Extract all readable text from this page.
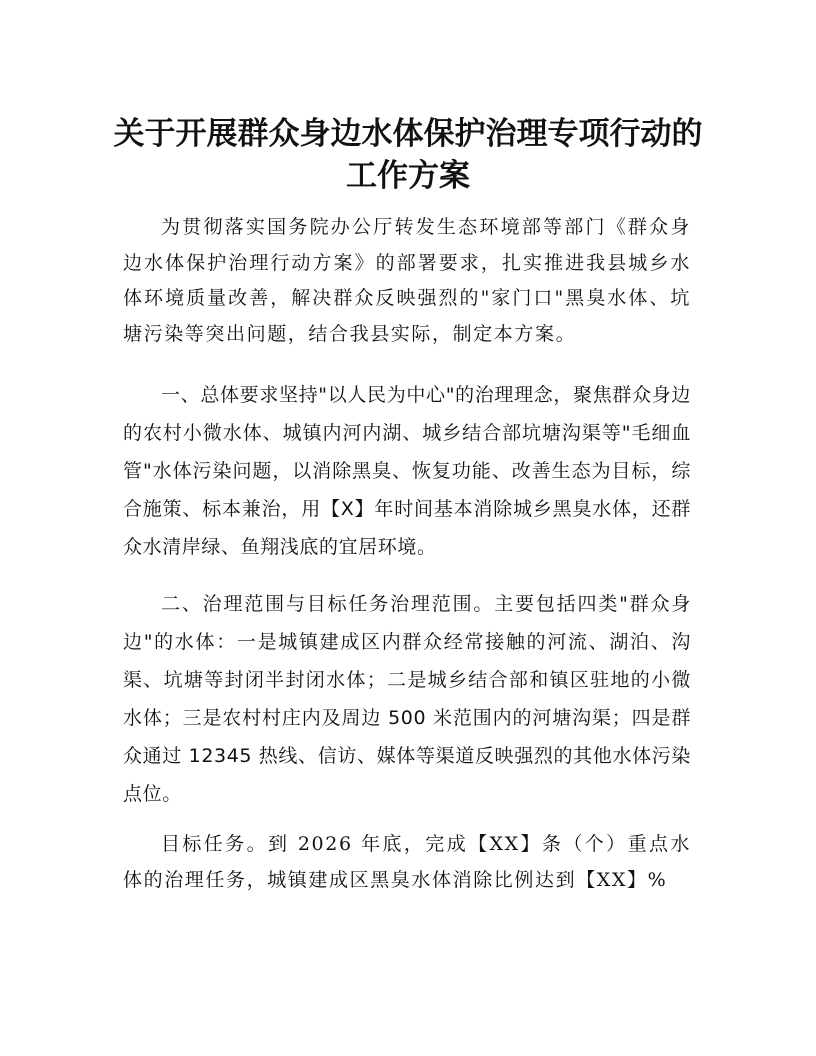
关于开展群众身边水体保护治理专项行动的工作方案

为贯彻落实国务院办公厅转发生态环境部等部门《群众身边水体保护治理行动方案》的部署要求，扎实推进我县城乡水体环境质量改善，解决群众反映强烈的"家门口"黑臭水体、坑塘污染等突出问题，结合我县实际，制定本方案。

一、总体要求坚持"以人民为中心"的治理理念，聚焦群众身边的农村小微水体、城镇内河内湖、城乡结合部坑塘沟渠等"毛细血管"水体污染问题，以消除黑臭、恢复功能、改善生态为目标，综合施策、标本兼治，用【X】年时间基本消除城乡黑臭水体，还群众水清岸绿、鱼翔浅底的宜居环境。

二、治理范围与目标任务治理范围。主要包括四类"群众身边"的水体：一是城镇建成区内群众经常接触的河流、湖泊、沟渠、坑塘等封闭半封闭水体；二是城乡结合部和镇区驻地的小微水体；三是农村村庄内及周边 500 米范围内的河塘沟渠；四是群众通过 12345 热线、信访、媒体等渠道反映强烈的其他水体污染点位。

目标任务。到 2026 年底，完成【XX】条（个）重点水体的治理任务，城镇建成区黑臭水体消除比例达到【XX】%
